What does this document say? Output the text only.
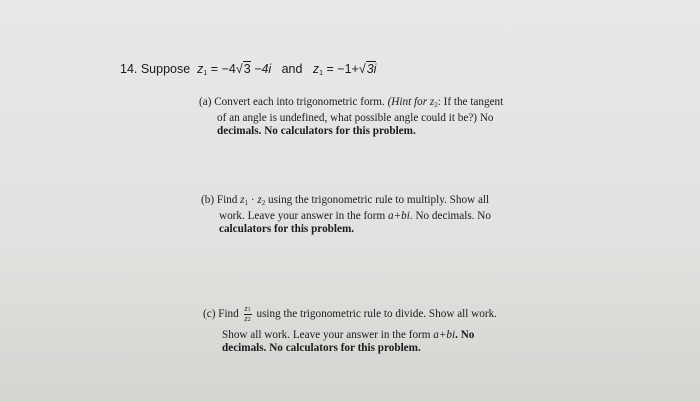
14. Suppose $z_1 = -4√3 -4i$ and $z_1 = -1+√3i$
(a) Convert each into trigonometric form. (Hint for $z_2$: If the tangent
of an angle is undefined, what possible angle could it be?) No
decimals. No calculators for this problem.
(b) Find $z_1 \cdot z_2$ using the trigonometric rule to multiply. Show all
work. Leave your answer in the form a+bi. No decimals. No
calculators for this problem.
(c) Find $\frac{z1}{z2}$ using the trigonometric rule to divide. Show all work.
Show all work. Leave your answer in the form a+bi. No
decimals. No calculators for this problem.
